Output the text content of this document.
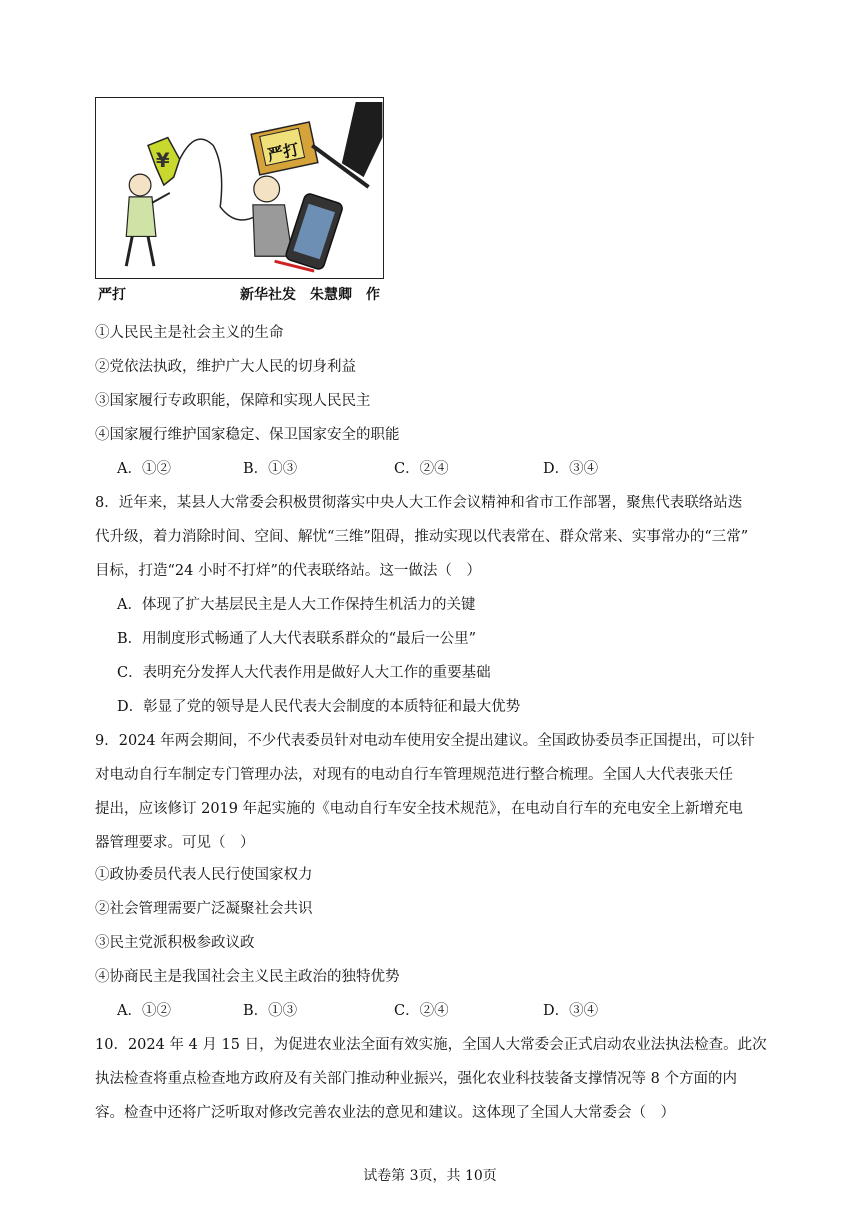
¥	严打
严打	新华社发　朱慧卿　作
①人民民主是社会主义的生命
②党依法执政，维护广大人民的切身利益
③国家履行专政职能，保障和实现人民民主
④国家履行维护国家稳定、保卫国家安全的职能
A．①②	B．①③	C．②④	D．③④
8．近年来，某县人大常委会积极贯彻落实中央人大工作会议精神和省市工作部署，聚焦代表联络站迭
代升级，着力消除时间、空间、解忧“三维”阻碍，推动实现以代表常在、群众常来、实事常办的“三常”
目标，打造“24 小时不打烊”的代表联络站。这一做法（　）
A．体现了扩大基层民主是人大工作保持生机活力的关键
B．用制度形式畅通了人大代表联系群众的“最后一公里”
C．表明充分发挥人大代表作用是做好人大工作的重要基础
D．彰显了党的领导是人民代表大会制度的本质特征和最大优势
9．2024 年两会期间，不少代表委员针对电动车使用安全提出建议。全国政协委员李正国提出，可以针
对电动自行车制定专门管理办法，对现有的电动自行车管理规范进行整合梳理。全国人大代表张天任
提出，应该修订 2019 年起实施的《电动自行车安全技术规范》，在电动自行车的充电安全上新增充电
器管理要求。可见（　）
①政协委员代表人民行使国家权力
②社会管理需要广泛凝聚社会共识
③民主党派积极参政议政
④协商民主是我国社会主义民主政治的独特优势
A．①②	B．①③	C．②④	D．③④
10．2024 年 4 月 15 日，为促进农业法全面有效实施，全国人大常委会正式启动农业法执法检查。此次
执法检查将重点检查地方政府及有关部门推动种业振兴，强化农业科技装备支撑情况等 8 个方面的内
容。检查中还将广泛听取对修改完善农业法的意见和建议。这体现了全国人大常委会（　）
试卷第 3页，共 10页
